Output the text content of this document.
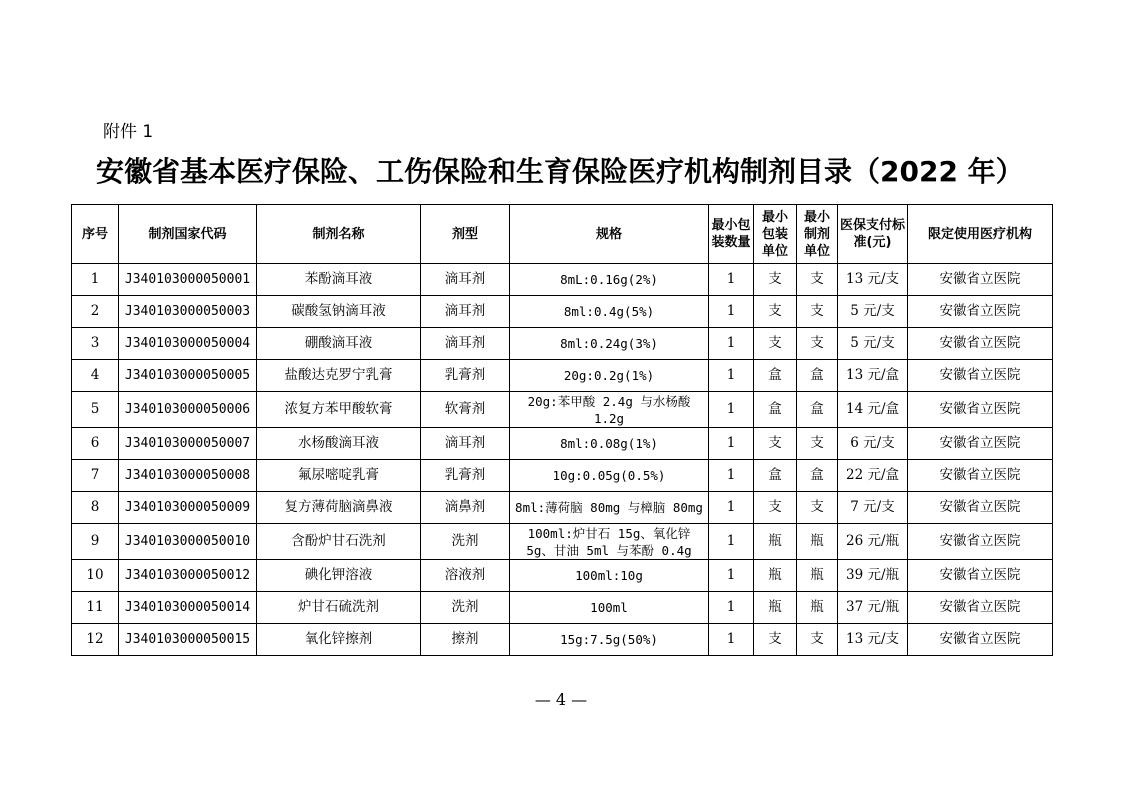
附件 1
安徽省基本医疗保险、工伤保险和生育保险医疗机构制剂目录（2022 年）
序号	制剂国家代码	制剂名称	剂型	规格	最小包装数量	最小包装单位	最小制剂单位	医保支付标准(元)	限定使用医疗机构
1	J340103000050001	苯酚滴耳液	滴耳剂	8mL:0.16g(2%)	1	支	支	13 元/支	安徽省立医院
2	J340103000050003	碳酸氢钠滴耳液	滴耳剂	8ml:0.4g(5%)	1	支	支	5 元/支	安徽省立医院
3	J340103000050004	硼酸滴耳液	滴耳剂	8ml:0.24g(3%)	1	支	支	5 元/支	安徽省立医院
4	J340103000050005	盐酸达克罗宁乳膏	乳膏剂	20g:0.2g(1%)	1	盒	盒	13 元/盒	安徽省立医院
5	J340103000050006	浓复方苯甲酸软膏	软膏剂	20g:苯甲酸 2.4g 与水杨酸 1.2g	1	盒	盒	14 元/盒	安徽省立医院
6	J340103000050007	水杨酸滴耳液	滴耳剂	8ml:0.08g(1%)	1	支	支	6 元/支	安徽省立医院
7	J340103000050008	氟尿嘧啶乳膏	乳膏剂	10g:0.05g(0.5%)	1	盒	盒	22 元/盒	安徽省立医院
8	J340103000050009	复方薄荷脑滴鼻液	滴鼻剂	8ml:薄荷脑 80mg 与樟脑 80mg	1	支	支	7 元/支	安徽省立医院
9	J340103000050010	含酚炉甘石洗剂	洗剂	100ml:炉甘石 15g、氧化锌 5g、甘油 5ml 与苯酚 0.4g	1	瓶	瓶	26 元/瓶	安徽省立医院
10	J340103000050012	碘化钾溶液	溶液剂	100ml:10g	1	瓶	瓶	39 元/瓶	安徽省立医院
11	J340103000050014	炉甘石硫洗剂	洗剂	100ml	1	瓶	瓶	37 元/瓶	安徽省立医院
12	J340103000050015	氧化锌擦剂	擦剂	15g:7.5g(50%)	1	支	支	13 元/支	安徽省立医院
— 4 —
